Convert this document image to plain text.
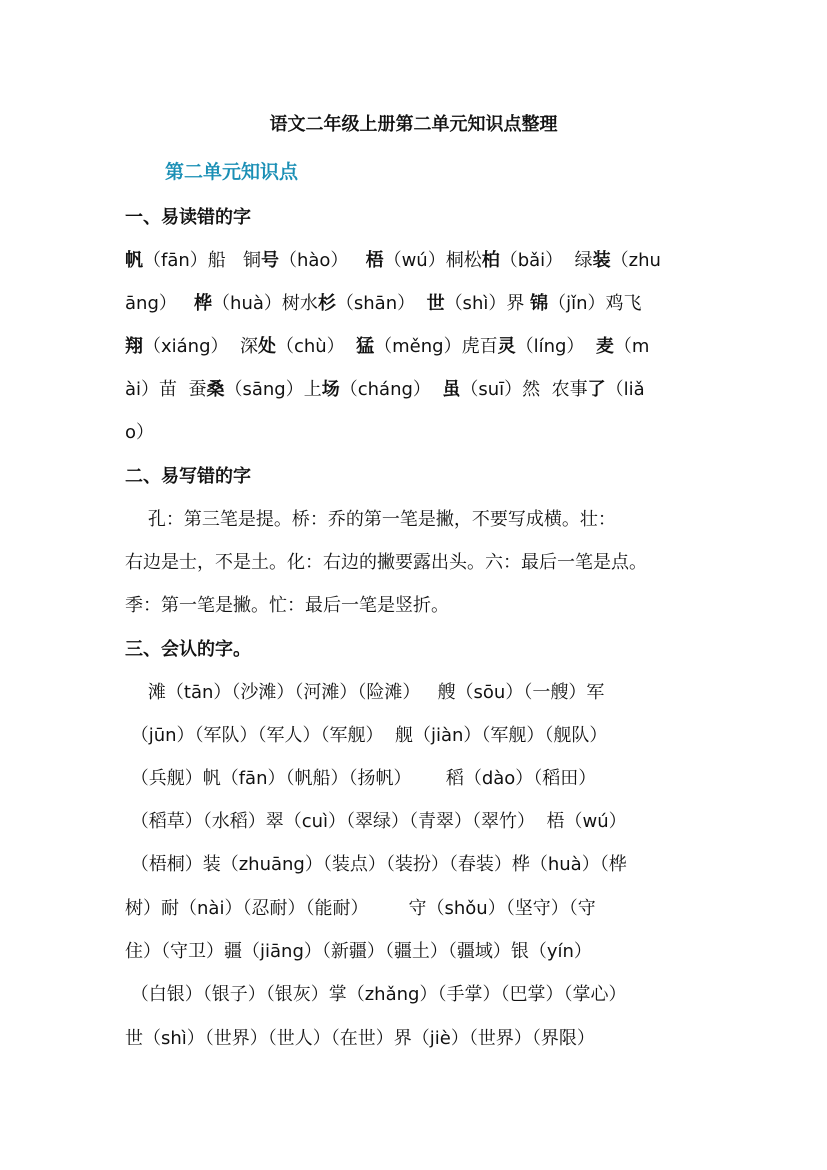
语文二年级上册第二单元知识点整理
第二单元知识点
一、易读错的字
帆（fān）船   铜号（hào）   梧（wú）桐松柏（bǎi）  绿装（zhu
āng）   桦（huà）树水杉（shān）  世（shì）界 锦（jǐn）鸡飞
翔（xiáng）  深处（chù）  猛（měng）虎百灵（líng）  麦（m
ài）苗  蚕桑（sāng）上场（cháng）  虽（suī）然  农事了（liǎ
o）
二、易写错的字
孔：第三笔是提。桥：乔的第一笔是撇，不要写成横。壮：
右边是士，不是土。化：右边的撇要露出头。六：最后一笔是点。
季：第一笔是撇。忙：最后一笔是竖折。
三、会认的字。
滩（tān）（沙滩）（河滩）（险滩）   艘（sōu）（一艘）军
（jūn）（军队）（军人）（军舰）  舰（jiàn）（军舰）（舰队）
（兵舰）帆（fān）（帆船）（扬帆）      稻（dào）（稻田）
（稻草）（水稻）翠（cuì）（翠绿）（青翠）（翠竹）  梧（wú）
（梧桐）装（zhuāng）（装点）（装扮）（春装）桦（huà）（桦
树）耐（nài）（忍耐）（能耐）       守（shǒu）（坚守）（守
住）（守卫）疆（jiāng）（新疆）（疆土）（疆域）银（yín）
（白银）（银子）（银灰）掌（zhǎng）（手掌）（巴掌）（掌心）
世（shì）（世界）（世人）（在世）界（jiè）（世界）（界限）
